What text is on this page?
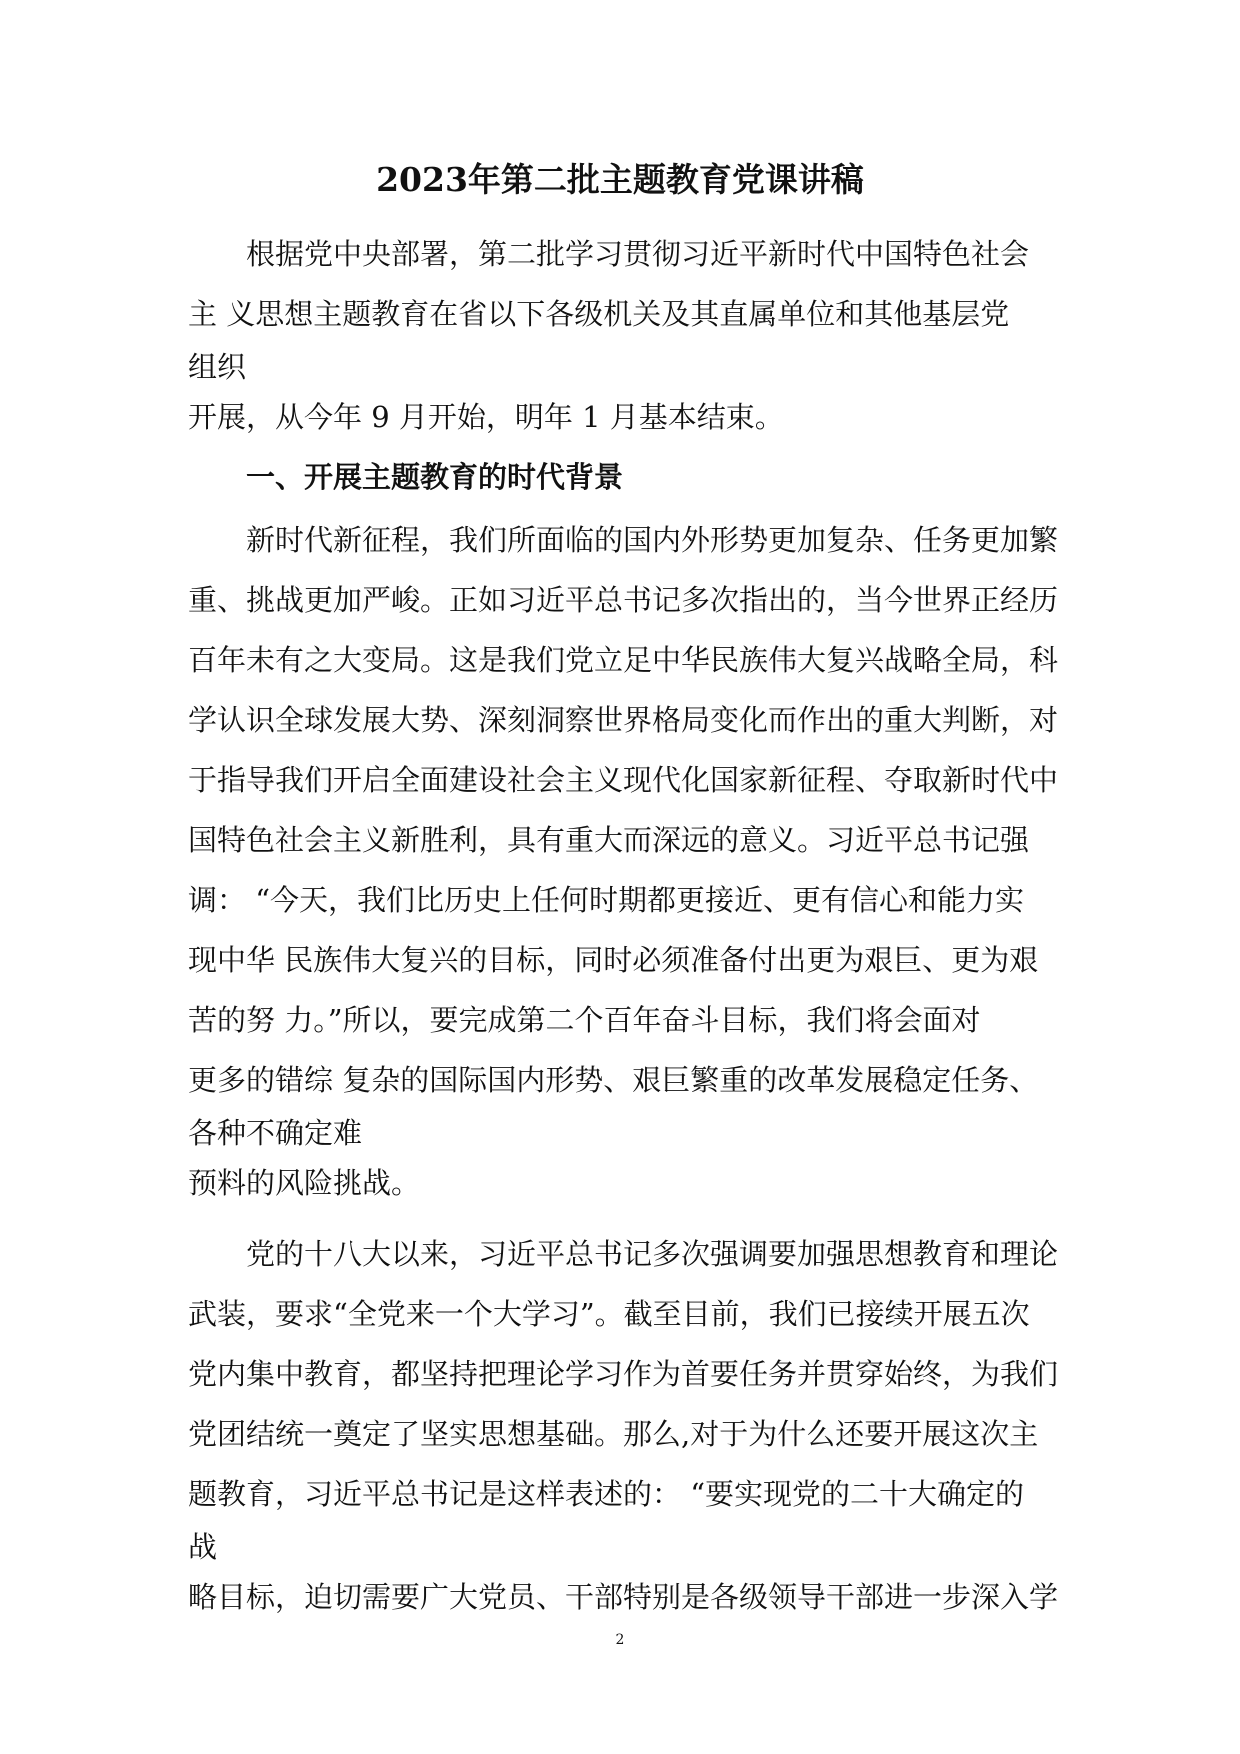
2023年第二批主题教育党课讲稿
根据党中央部署，第二批学习贯彻习近平新时代中国特色社会
主 义思想主题教育在省以下各级机关及其直属单位和其他基层党
组织
开展，从今年 9 月开始，明年 1 月基本结束。
一、开展主题教育的时代背景
新时代新征程，我们所面临的国内外形势更加复杂、任务更加繁
重、挑战更加严峻。正如习近平总书记多次指出的，当今世界正经历
百年未有之大变局。这是我们党立足中华民族伟大复兴战略全局，科
学认识全球发展大势、深刻洞察世界格局变化而作出的重大判断，对
于指导我们开启全面建设社会主义现代化国家新征程、夺取新时代中
国特色社会主义新胜利，具有重大而深远的意义。习近平总书记强
调： “今天，我们比历史上任何时期都更接近、更有信心和能力实
现中华 民族伟大复兴的目标，同时必须准备付出更为艰巨、更为艰
苦的努 力。”所以，要完成第二个百年奋斗目标，我们将会面对
更多的错综 复杂的国际国内形势、艰巨繁重的改革发展稳定任务、
各种不确定难
预料的风险挑战。
党的十八大以来，习近平总书记多次强调要加强思想教育和理论
武装，要求“全党来一个大学习”。截至目前，我们已接续开展五次
党内集中教育，都坚持把理论学习作为首要任务并贯穿始终，为我们
党团结统一奠定了坚实思想基础。那么,对于为什么还要开展这次主
题教育，习近平总书记是这样表述的： “要实现党的二十大确定的
战
略目标，迫切需要广大党员、干部特别是各级领导干部进一步深入学
2
